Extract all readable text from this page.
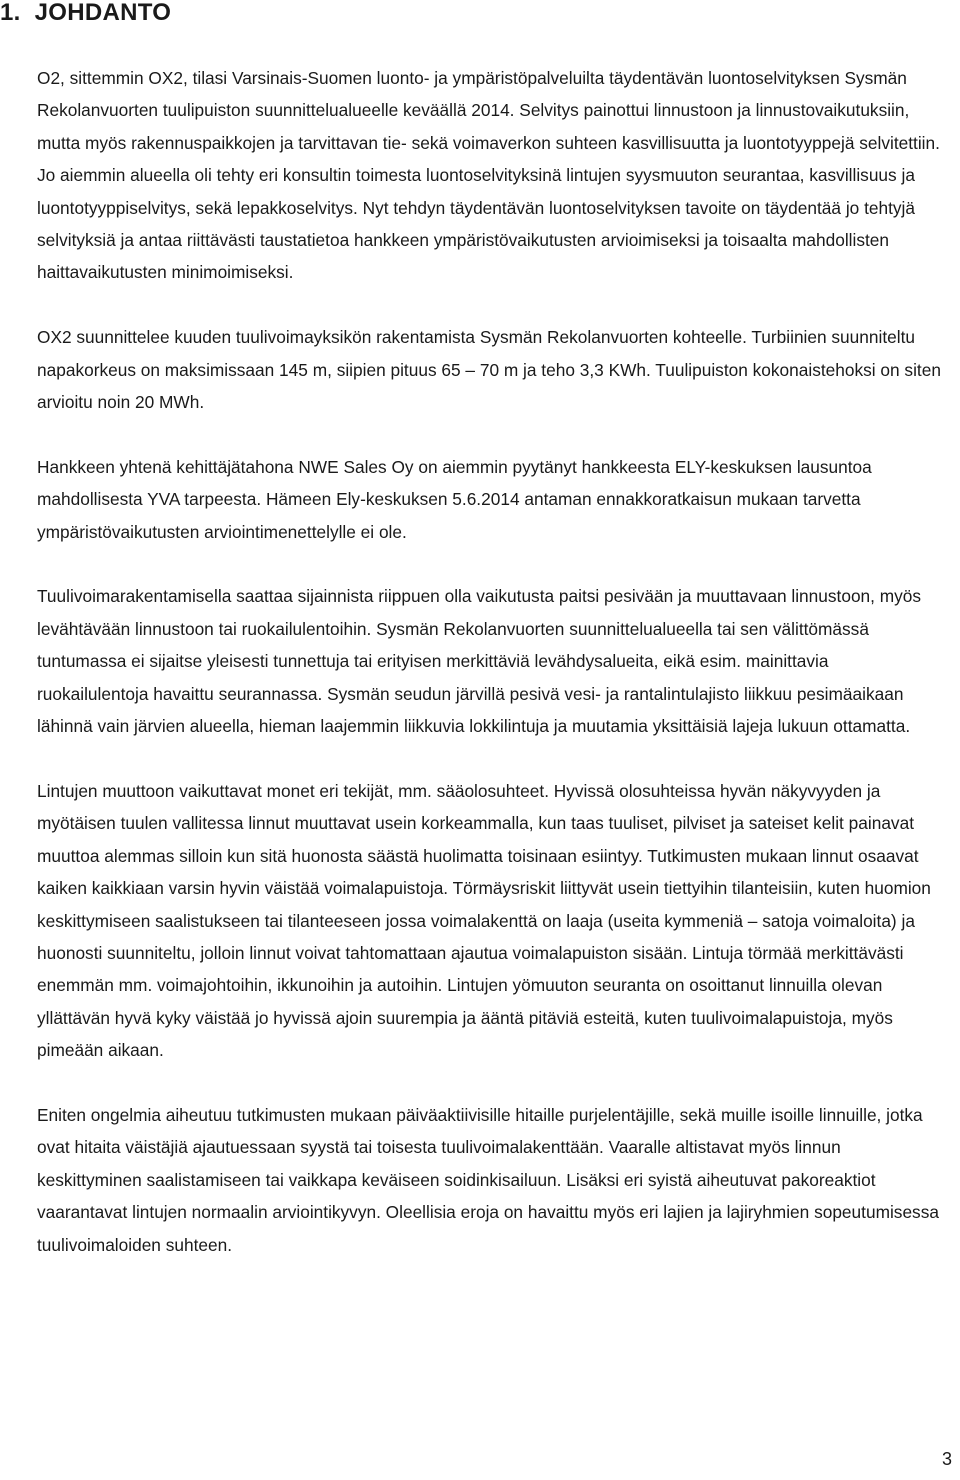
1. JOHDANTO

O2, sittemmin OX2, tilasi Varsinais-Suomen luonto- ja ympäristöpalveluilta täydentävän luontoselvityksen Sysmän Rekolanvuorten tuulipuiston suunnittelualueelle keväällä 2014. Selvitys painottui linnustoon ja linnustovaikutuksiin, mutta myös rakennuspaikkojen ja tarvittavan tie- sekä voimaverkon suhteen kasvillisuutta ja luontotyyppejä selvitettiin. Jo aiemmin alueella oli tehty eri konsultin toimesta luontoselvityksinä lintujen syysmuuton seurantaa, kasvillisuus ja luontotyyppiselvitys, sekä lepakkoselvitys. Nyt tehdyn täydentävän luontoselvityksen tavoite on täydentää jo tehtyjä selvityksiä ja antaa riittävästi taustatietoa hankkeen ympäristövaikutusten arvioimiseksi ja toisaalta mahdollisten haittavaikutusten minimoimiseksi.

OX2 suunnittelee kuuden tuulivoimayksikön rakentamista Sysmän Rekolanvuorten kohteelle. Turbiinien suunniteltu napakorkeus on maksimissaan 145 m, siipien pituus 65 – 70 m ja teho 3,3 KWh. Tuulipuiston kokonaistehoksi on siten arvioitu noin 20 MWh.

Hankkeen yhtenä kehittäjätahona NWE Sales Oy on aiemmin pyytänyt hankkeesta ELY-keskuksen lausuntoa mahdollisesta YVA tarpeesta. Hämeen Ely-keskuksen 5.6.2014 antaman ennakkoratkaisun mukaan tarvetta ympäristövaikutusten arviointimenettelylle ei ole.

Tuulivoimarakentamisella saattaa sijainnista riippuen olla vaikutusta paitsi pesivään ja muuttavaan linnustoon, myös levähtävään linnustoon tai ruokailulentoihin. Sysmän Rekolanvuorten suunnittelualueella tai sen välittömässä tuntumassa ei sijaitse yleisesti tunnettuja tai erityisen merkittäviä levähdysalueita, eikä esim. mainittavia ruokailulentoja havaittu seurannassa. Sysmän seudun järvillä pesivä vesi- ja rantalintulajisto liikkuu pesimäaikaan lähinnä vain järvien alueella, hieman laajemmin liikkuvia lokkilintuja ja muutamia yksittäisiä lajeja lukuun ottamatta.

Lintujen muuttoon vaikuttavat monet eri tekijät, mm. sääolosuhteet. Hyvissä olosuhteissa hyvän näkyvyyden ja myötäisen tuulen vallitessa linnut muuttavat usein korkeammalla, kun taas tuuliset, pilviset ja sateiset kelit painavat muuttoa alemmas silloin kun sitä huonosta säästä huolimatta toisinaan esiintyy. Tutkimusten mukaan linnut osaavat kaiken kaikkiaan varsin hyvin väistää voimalapuistoja. Törmäysriskit liittyvät usein tiettyihin tilanteisiin, kuten huomion keskittymiseen saalistukseen tai tilanteeseen jossa voimalakenttä on laaja (useita kymmeniä – satoja voimaloita) ja huonosti suunniteltu, jolloin linnut voivat tahtomattaan ajautua voimalapuiston sisään. Lintuja törmää merkittävästi enemmän mm. voimajohtoihin, ikkunoihin ja autoihin. Lintujen yömuuton seuranta on osoittanut linnuilla olevan yllättävän hyvä kyky väistää jo hyvissä ajoin suurempia ja ääntä pitäviä esteitä, kuten tuulivoimalapuistoja, myös pimeään aikaan.

Eniten ongelmia aiheutuu tutkimusten mukaan päiväaktiivisille hitaille purjelentäjille, sekä muille isoille linnuille, jotka ovat hitaita väistäjiä ajautuessaan syystä tai toisesta tuulivoimalakenttään. Vaaralle altistavat myös linnun keskittyminen saalistamiseen tai vaikkapa keväiseen soidinkisailuun. Lisäksi eri syistä aiheutuvat pakoreaktiot vaarantavat lintujen normaalin arviointikyvyn. Oleellisia eroja on havaittu myös eri lajien ja lajiryhmien sopeutumisessa tuulivoimaloiden suhteen.

3
